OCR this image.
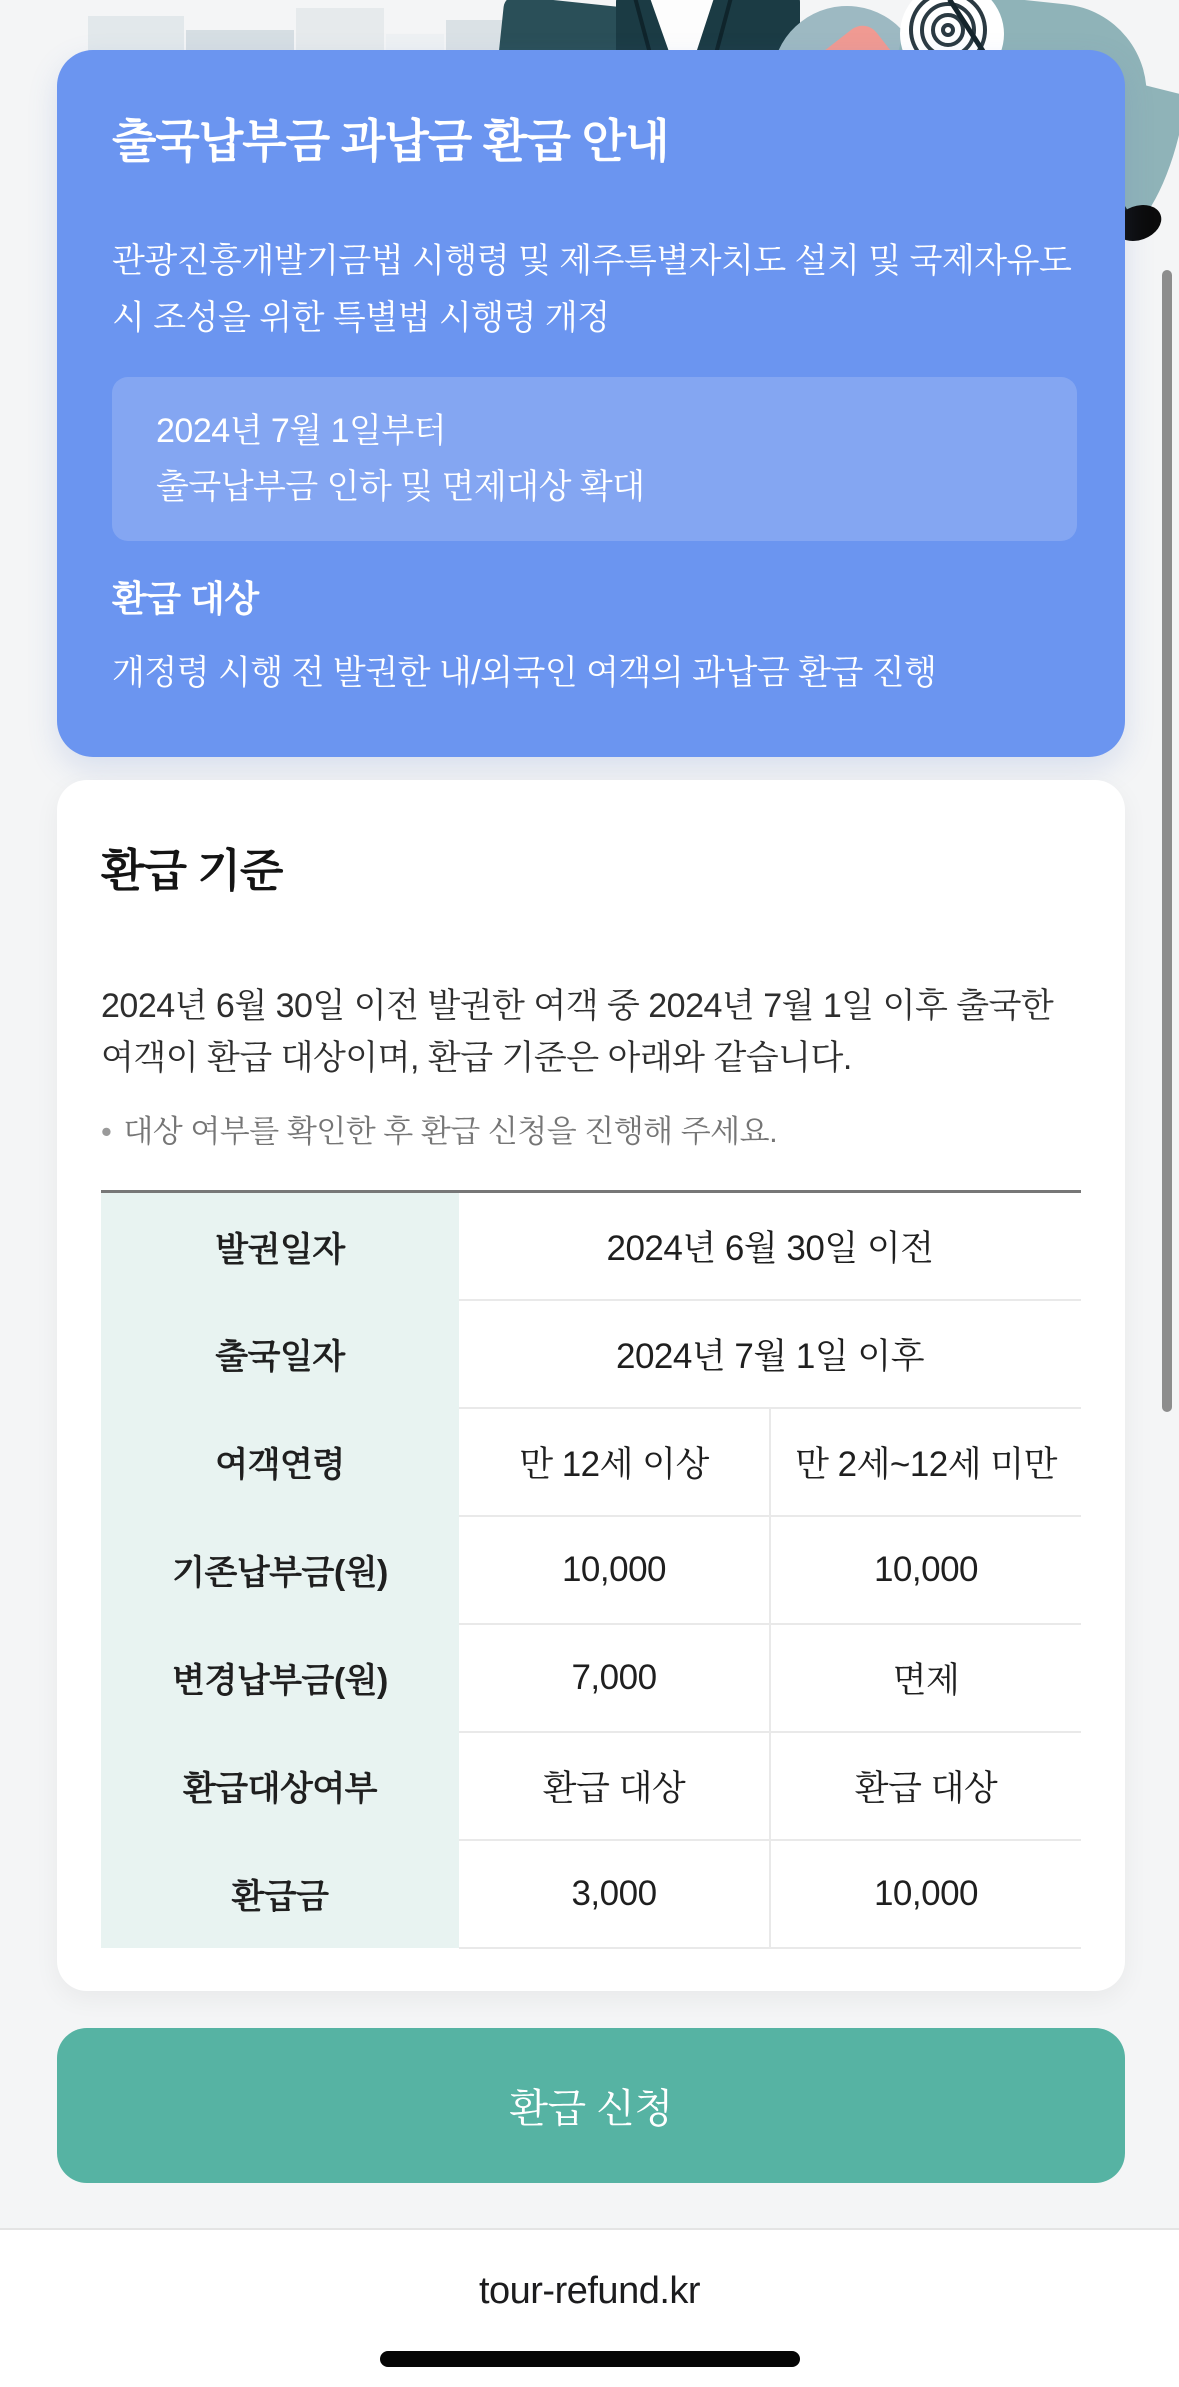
출국납부금 과납금 환급 안내

관광진흥개발기금법 시행령 및 제주특별자치도 설치 및 국제자유도시 조성을 위한 특별법 시행령 개정

2024년 7월 1일부터

출국납부금 인하 및 면제대상 확대

환급 대상

개정령 시행 전 발권한 내/외국인 여객의 과납금 환급 진행

환급 기준

2024년 6월 30일 이전 발권한 여객 중 2024년 7월 1일 이후 출국한 여객이 환급 대상이며, 환급 기준은 아래와 같습니다.

• 대상 여부를 확인한 후 환급 신청을 진행해 주세요.

발권일자	2024년 6월 30일 이전	
출국일자	2024년 7월 1일 이후	
여객연령	만 12세 이상	만 2세~12세 미만
기존납부금(원)	10,000	10,000
변경납부금(원)	7,000	면제
환급대상여부	환급 대상	환급 대상
환급금	3,000	10,000
환급 신청
tour-refund.kr
